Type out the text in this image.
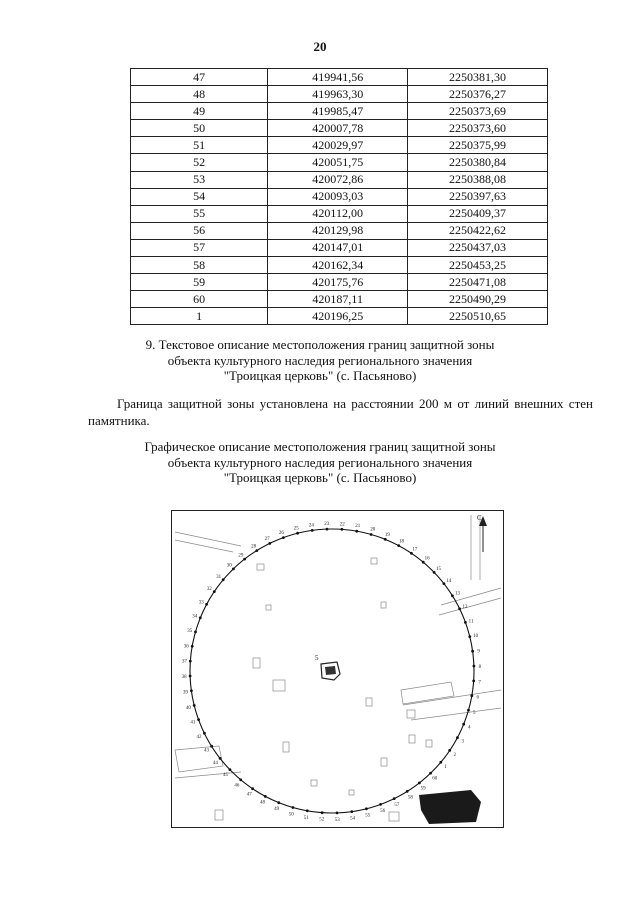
20
47	419941,56	2250381,30
48	419963,30	2250376,27
49	419985,47	2250373,69
50	420007,78	2250373,60
51	420029,97	2250375,99
52	420051,75	2250380,84
53	420072,86	2250388,08
54	420093,03	2250397,63
55	420112,00	2250409,37
56	420129,98	2250422,62
57	420147,01	2250437,03
58	420162,34	2250453,25
59	420175,76	2250471,08
60	420187,11	2250490,29
1	420196,25	2250510,65
9. Текстовое описание местоположения границ защитной зоны
объекта культурного наследия регионального значения
"Троицкая церковь" (с. Пасьяново)
Граница защитной зоны установлена на расстоянии 200 м от линий внешних стен
памятника.
Графическое описание местоположения границ защитной зоны
объекта культурного наследия регионального значения
"Троицкая церковь" (с. Пасьяново)
5
С
1
2
3
4
5
6
7
8
9
10
11
12
13
14
15
16
17
18
19
20
21
22
23
24
25
26
27
28
29
30
31
32
33
34
35
36
37
38
39
40
41
42
43
44
45
46
47
48
49
50
51 52 53 54
55
56
57
58
59
60
